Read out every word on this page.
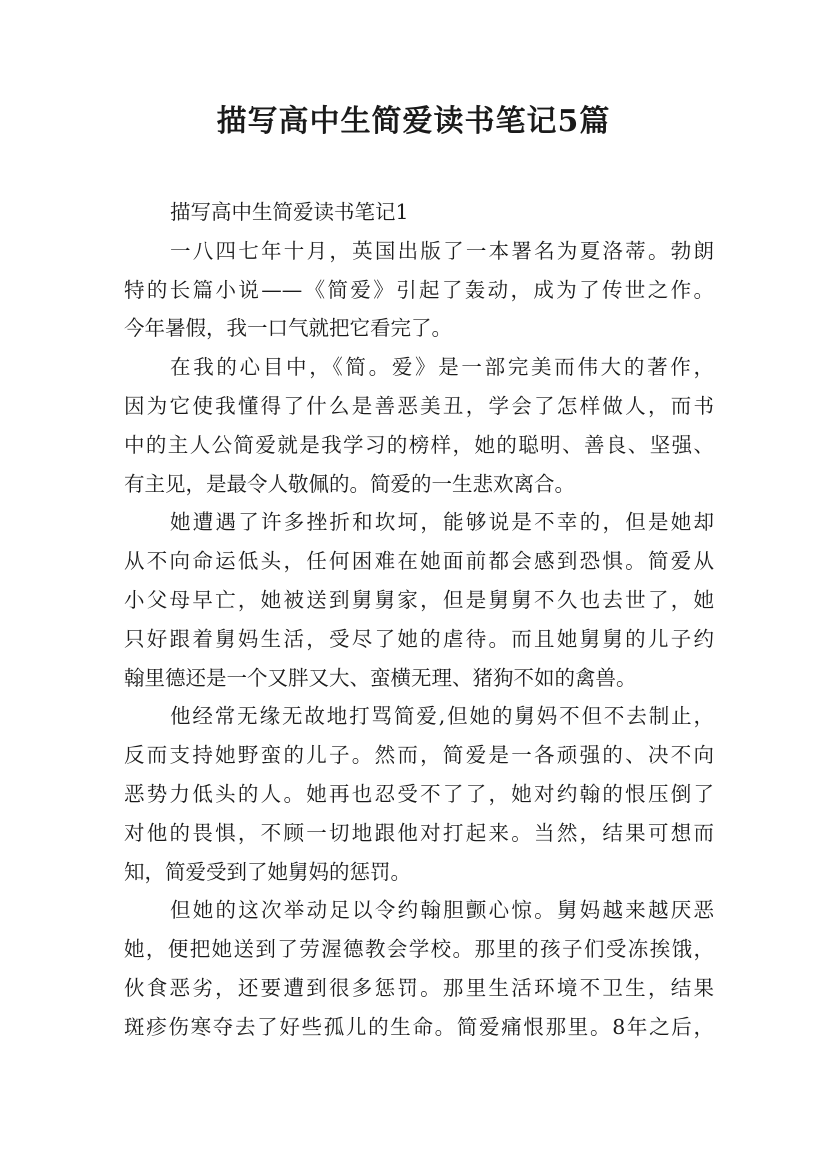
描写高中生简爱读书笔记5篇
描写高中生简爱读书笔记1
一八四七年十月，英国出版了一本署名为夏洛蒂。勃朗
特的长篇小说——《简爱》引起了轰动，成为了传世之作。
今年暑假，我一口气就把它看完了。
在我的心目中，《简。爱》是一部完美而伟大的著作，
因为它使我懂得了什么是善恶美丑，学会了怎样做人，而书
中的主人公简爱就是我学习的榜样，她的聪明、善良、坚强、
有主见，是最令人敬佩的。简爱的一生悲欢离合。
她遭遇了许多挫折和坎坷，能够说是不幸的，但是她却
从不向命运低头，任何困难在她面前都会感到恐惧。简爱从
小父母早亡，她被送到舅舅家，但是舅舅不久也去世了，她
只好跟着舅妈生活，受尽了她的虐待。而且她舅舅的儿子约
翰里德还是一个又胖又大、蛮横无理、猪狗不如的禽兽。
他经常无缘无故地打骂简爱,但她的舅妈不但不去制止，
反而支持她野蛮的儿子。然而，简爱是一各顽强的、决不向
恶势力低头的人。她再也忍受不了了，她对约翰的恨压倒了
对他的畏惧，不顾一切地跟他对打起来。当然，结果可想而
知，简爱受到了她舅妈的惩罚。
但她的这次举动足以令约翰胆颤心惊。舅妈越来越厌恶
她，便把她送到了劳渥德教会学校。那里的孩子们受冻挨饿，
伙食恶劣，还要遭到很多惩罚。那里生活环境不卫生，结果
斑疹伤寒夺去了好些孤儿的生命。简爱痛恨那里。8年之后，
